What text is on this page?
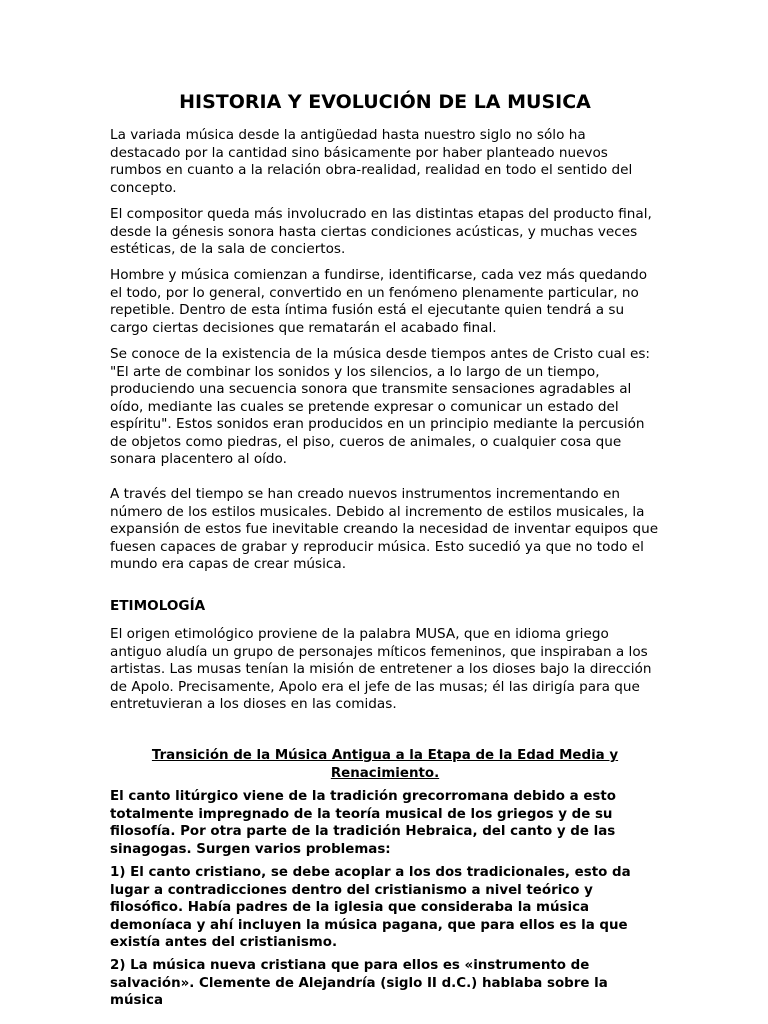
HISTORIA Y EVOLUCIÓN DE LA MUSICA

La variada música desde la antigüedad hasta nuestro siglo no sólo ha destacado por la cantidad sino básicamente por haber planteado nuevos rumbos en cuanto a la relación obra-realidad, realidad en todo el sentido del concepto.

El compositor queda más involucrado en las distintas etapas del producto final, desde la génesis sonora hasta ciertas condiciones acústicas, y muchas veces estéticas, de la sala de conciertos.

Hombre y música comienzan a fundirse, identificarse, cada vez más quedando el todo, por lo general, convertido en un fenómeno plenamente particular, no repetible. Dentro de esta íntima fusión está el ejecutante quien tendrá a su cargo ciertas decisiones que rematarán el acabado final.

Se conoce de la existencia de la música desde tiempos antes de Cristo cual es: "El arte de combinar los sonidos y los silencios, a lo largo de un tiempo, produciendo una secuencia sonora que transmite sensaciones agradables al oído, mediante las cuales se pretende expresar o comunicar un estado del espíritu". Estos sonidos eran producidos en un principio mediante la percusión de objetos como piedras, el piso, cueros de animales, o cualquier cosa que sonara placentero al oído.

A través del tiempo se han creado nuevos instrumentos incrementando en número de los estilos musicales. Debido al incremento de estilos musicales, la expansión de estos fue inevitable creando la necesidad de inventar equipos que fuesen capaces de grabar y reproducir música. Esto sucedió ya que no todo el mundo era capas de crear música.

ETIMOLOGÍA

El origen etimológico proviene de la palabra MUSA, que en idioma griego antiguo aludía un grupo de personajes míticos femeninos, que inspiraban a los artistas. Las musas tenían la misión de entretener a los dioses bajo la dirección de Apolo. Precisamente, Apolo era el jefe de las musas; él las dirigía para que entretuvieran a los dioses en las comidas.

Transición de la Música Antigua a la Etapa de la Edad Media y Renacimiento.

El canto litúrgico viene de la tradición grecorromana debido a esto totalmente impregnado de la teoría musical de los griegos y de su filosofía. Por otra parte de la tradición Hebraica, del canto y de las sinagogas. Surgen varios problemas:

1) El canto cristiano, se debe acoplar a los dos tradicionales, esto da lugar a contradicciones dentro del cristianismo a nivel teórico y filosófico. Había padres de la iglesia que consideraba la música demoníaca y ahí incluyen la música pagana, que para ellos es la que existía antes del cristianismo.

2) La música nueva cristiana que para ellos es «instrumento de salvación». Clemente de Alejandría (siglo II d.C.) hablaba sobre la música
